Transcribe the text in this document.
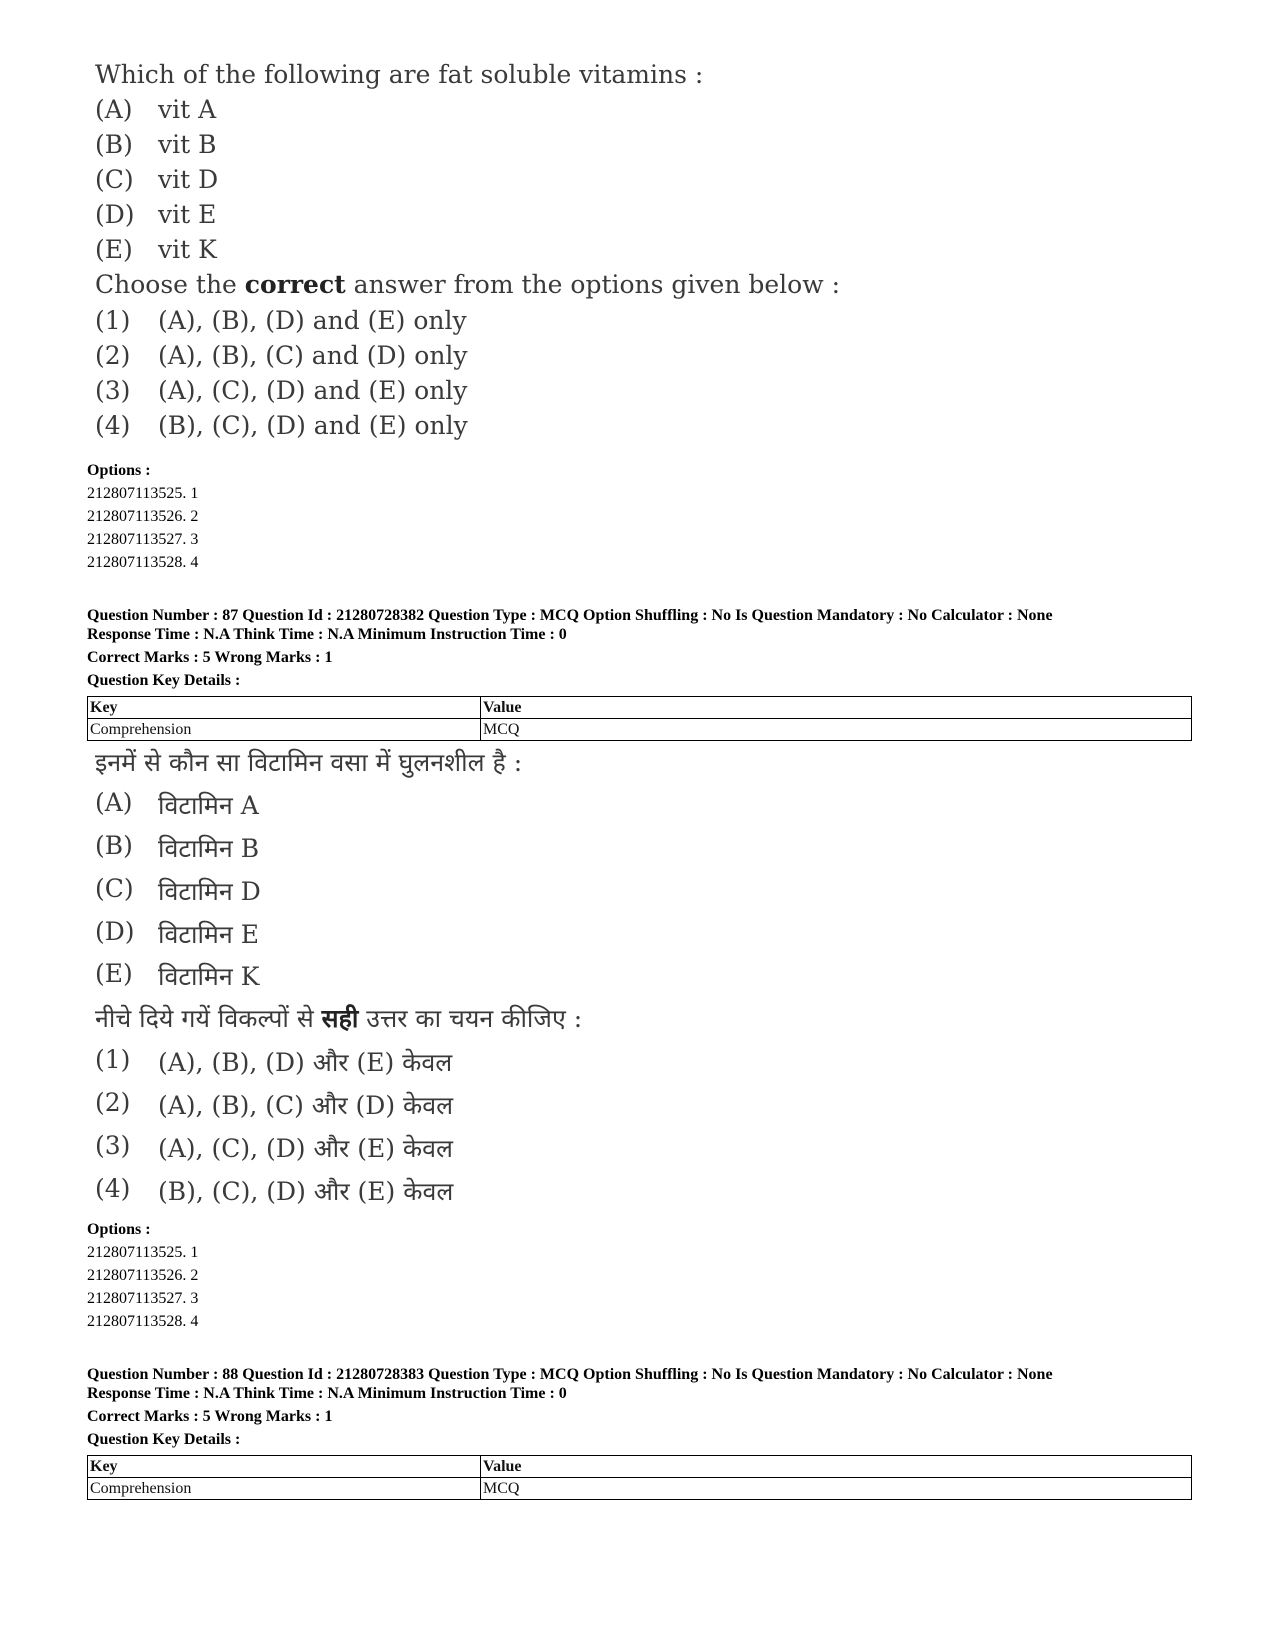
Which of the following are fat soluble vitamins :
(A) vit A
(B) vit B
(C) vit D
(D) vit E
(E) vit K
Choose the correct answer from the options given below :
(1) (A), (B), (D) and (E) only
(2) (A), (B), (C) and (D) only
(3) (A), (C), (D) and (E) only
(4) (B), (C), (D) and (E) only
Options :
212807113525. 1
212807113526. 2
212807113527. 3
212807113528. 4
Question Number : 87 Question Id : 21280728382 Question Type : MCQ Option Shuffling : No Is Question Mandatory : No Calculator : None
Response Time : N.A Think Time : N.A Minimum Instruction Time : 0
Correct Marks : 5 Wrong Marks : 1
Question Key Details :
Key	Value
Comprehension	MCQ
इनमें से कौन सा विटामिन वसा में घुलनशील है :
(A) विटामिन A
(B) विटामिन B
(C) विटामिन D
(D) विटामिन E
(E) विटामिन K
नीचे दिये गयें विकल्पों से सही उत्तर का चयन कीजिए :
(1) (A), (B), (D) और (E) केवल
(2) (A), (B), (C) और (D) केवल
(3) (A), (C), (D) और (E) केवल
(4) (B), (C), (D) और (E) केवल
Options :
212807113525. 1
212807113526. 2
212807113527. 3
212807113528. 4
Question Number : 88 Question Id : 21280728383 Question Type : MCQ Option Shuffling : No Is Question Mandatory : No Calculator : None
Response Time : N.A Think Time : N.A Minimum Instruction Time : 0
Correct Marks : 5 Wrong Marks : 1
Question Key Details :
Key	Value
Comprehension	MCQ
